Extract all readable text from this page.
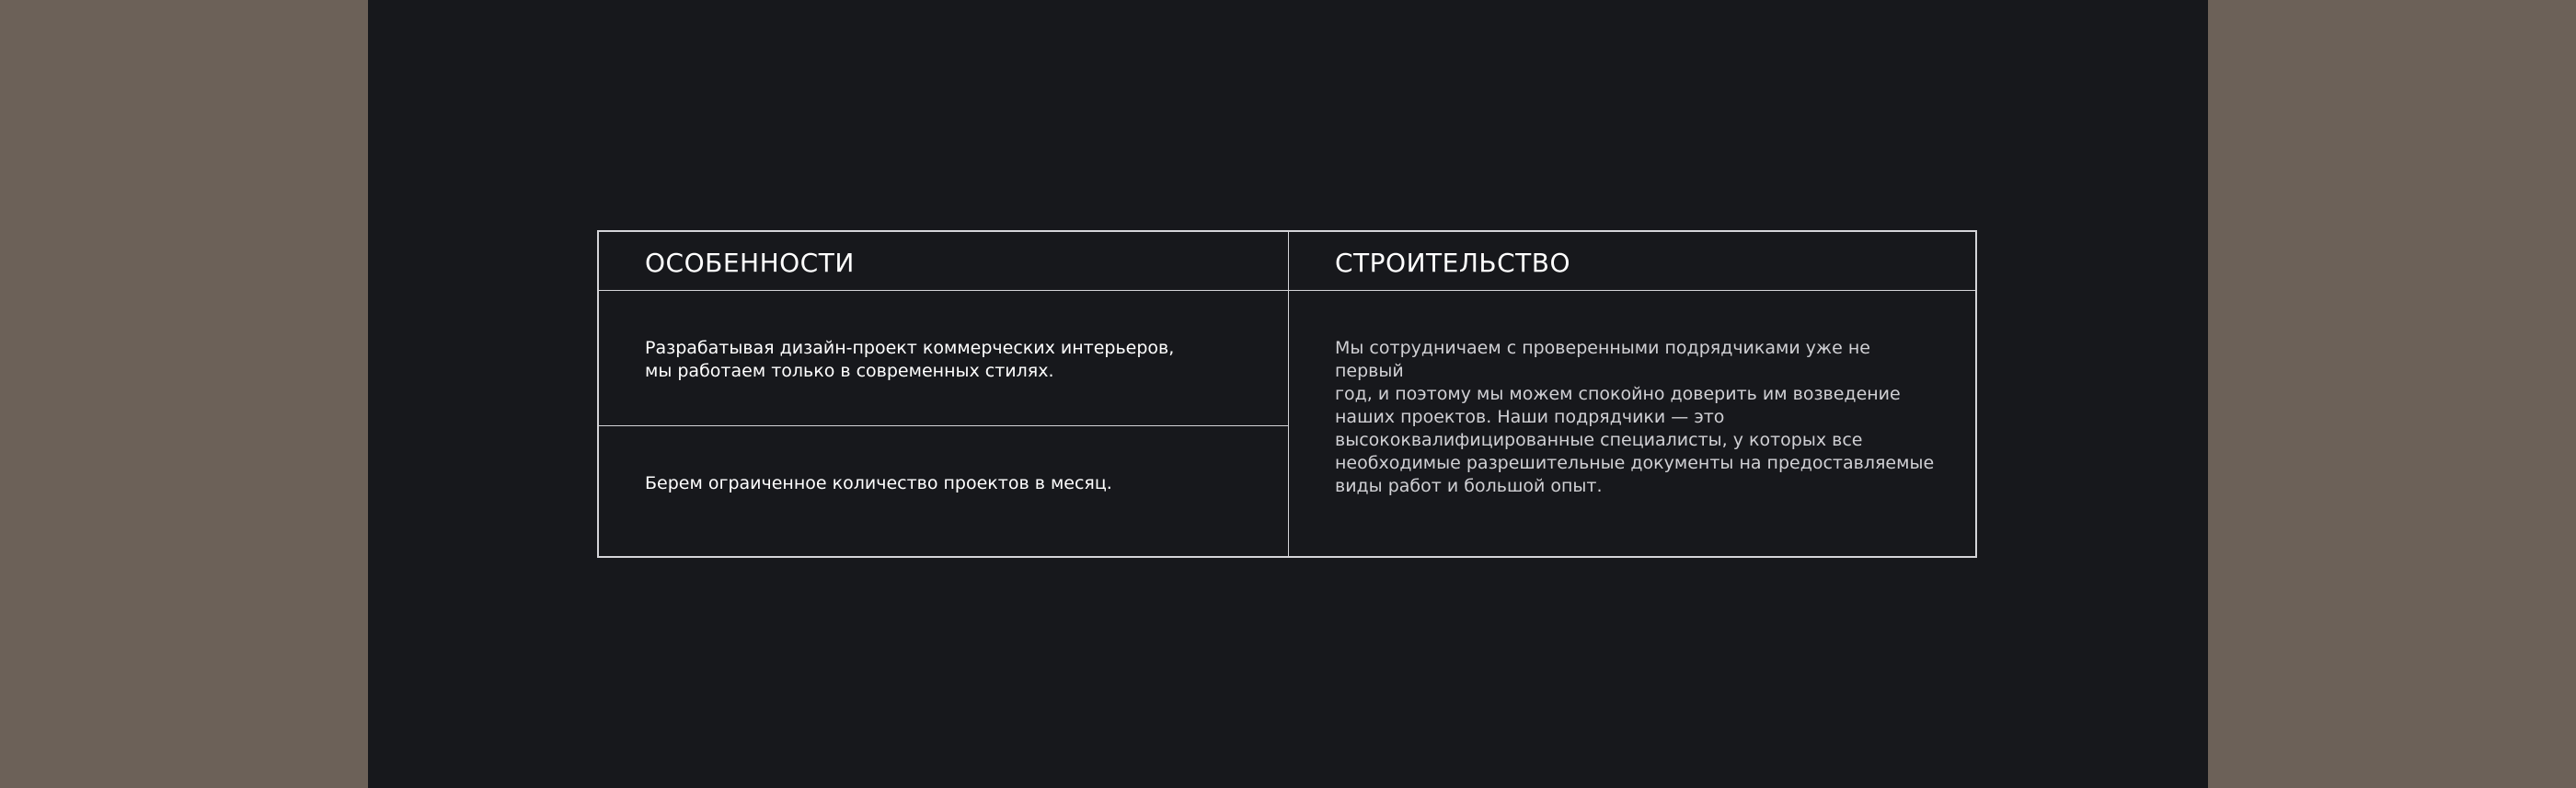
ОСОБЕННОСТИ	СТРОИТЕЛЬСТВО

Разрабатывая дизайн-проект коммерческих интерьеров,
мы работаем только в современных стилях.

Берем ограиченное количество проектов в месяц.

Мы сотрудничаем с проверенными подрядчиками уже не первый
год, и поэтому мы можем спокойно доверить им возведение
наших проектов. Наши подрядчики — это
высококвалифицированные специалисты, у которых все
необходимые разрешительные документы на предоставляемые
виды работ и большой опыт.
